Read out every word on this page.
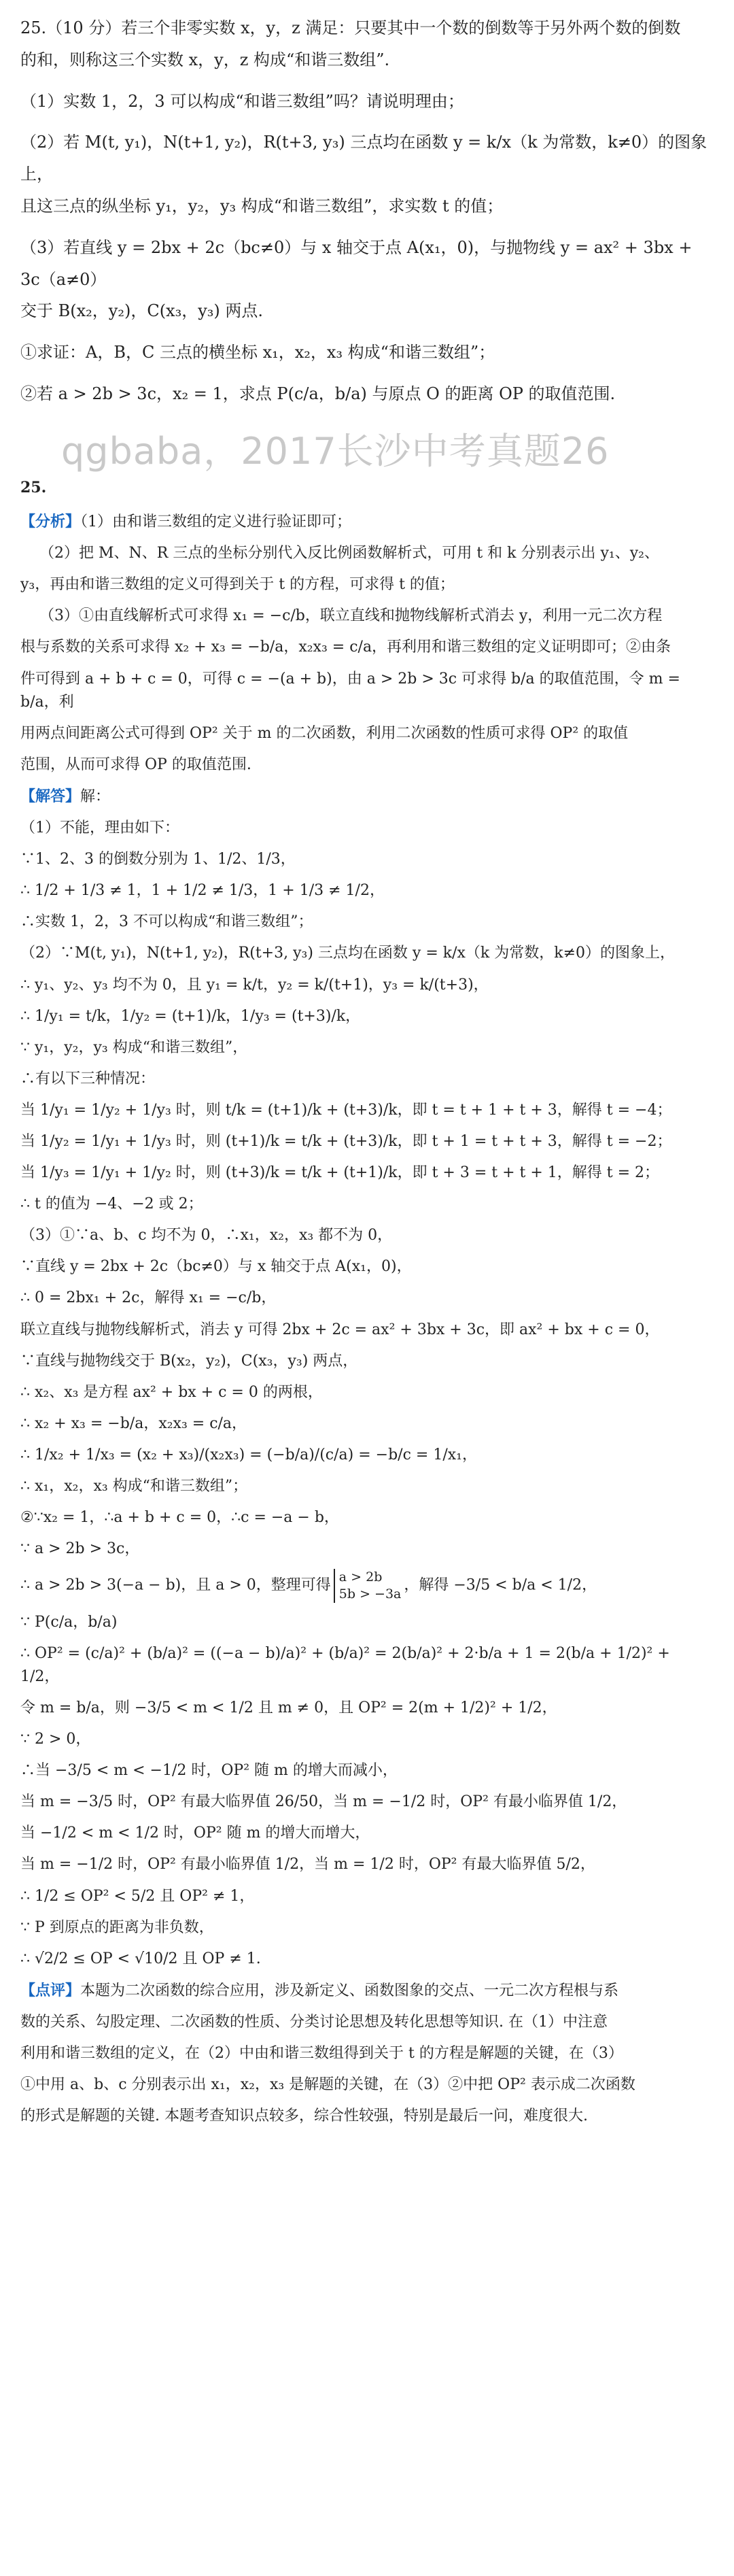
25.（10 分）若三个非零实数 x，y，z 满足：只要其中一个数的倒数等于另外两个数的倒数
的和，则称这三个实数 x，y，z 构成“和谐三数组”.

（1）实数 1，2，3 可以构成“和谐三数组”吗？请说明理由；

（2）若 M(t, y₁)，N(t+1, y₂)，R(t+3, y₃) 三点均在函数 y = k/x（k 为常数，k≠0）的图象上，
且这三点的纵坐标 y₁，y₂，y₃ 构成“和谐三数组”，求实数 t 的值；

（3）若直线 y = 2bx + 2c（bc≠0）与 x 轴交于点 A(x₁，0)，与抛物线 y = ax² + 3bx + 3c（a≠0）
交于 B(x₂，y₂)，C(x₃，y₃) 两点.

①求证：A，B，C 三点的横坐标 x₁，x₂，x₃ 构成“和谐三数组”；

②若 a > 2b > 3c，x₂ = 1，求点 P(c/a，b/a) 与原点 O 的距离 OP 的取值范围.

qgbaba，2017长沙中考真题26

25.

【分析】（1）由和谐三数组的定义进行验证即可；
（2）把 M、N、R 三点的坐标分别代入反比例函数解析式，可用 t 和 k 分别表示出 y₁、y₂、
y₃，再由和谐三数组的定义可得到关于 t 的方程，可求得 t 的值；
（3）①由直线解析式可求得 x₁ = −c/b，联立直线和抛物线解析式消去 y，利用一元二次方程
根与系数的关系可求得 x₂ + x₃ = −b/a，x₂x₃ = c/a，再利用和谐三数组的定义证明即可；②由条
件可得到 a + b + c = 0，可得 c = −(a + b)，由 a > 2b > 3c 可求得 b/a 的取值范围，令 m = b/a，利
用两点间距离公式可得到 OP² 关于 m 的二次函数，利用二次函数的性质可求得 OP² 的取值
范围，从而可求得 OP 的取值范围.
【解答】解：
（1）不能，理由如下：
∵1、2、3 的倒数分别为 1、1/2、1/3，
∴ 1/2 + 1/3 ≠ 1，1 + 1/2 ≠ 1/3，1 + 1/3 ≠ 1/2，
∴实数 1，2，3 不可以构成“和谐三数组”；
（2）∵M(t, y₁)，N(t+1, y₂)，R(t+3, y₃) 三点均在函数 y = k/x（k 为常数，k≠0）的图象上，
∴ y₁、y₂、y₃ 均不为 0，且 y₁ = k/t，y₂ = k/(t+1)，y₃ = k/(t+3)，
∴ 1/y₁ = t/k，1/y₂ = (t+1)/k，1/y₃ = (t+3)/k，
∵ y₁，y₂，y₃ 构成“和谐三数组”，
∴有以下三种情况：
当 1/y₁ = 1/y₂ + 1/y₃ 时，则 t/k = (t+1)/k + (t+3)/k，即 t = t + 1 + t + 3，解得 t = −4；
当 1/y₂ = 1/y₁ + 1/y₃ 时，则 (t+1)/k = t/k + (t+3)/k，即 t + 1 = t + t + 3，解得 t = −2；
当 1/y₃ = 1/y₁ + 1/y₂ 时，则 (t+3)/k = t/k + (t+1)/k，即 t + 3 = t + t + 1，解得 t = 2；
∴ t 的值为 −4、−2 或 2；
（3）①∵a、b、c 均不为 0，∴x₁，x₂，x₃ 都不为 0，
∵直线 y = 2bx + 2c（bc≠0）与 x 轴交于点 A(x₁，0)，
∴ 0 = 2bx₁ + 2c，解得 x₁ = −c/b，
联立直线与抛物线解析式，消去 y 可得 2bx + 2c = ax² + 3bx + 3c，即 ax² + bx + c = 0，
∵直线与抛物线交于 B(x₂，y₂)，C(x₃，y₃) 两点，
∴ x₂、x₃ 是方程 ax² + bx + c = 0 的两根，
∴ x₂ + x₃ = −b/a，x₂x₃ = c/a，
∴ 1/x₂ + 1/x₃ = (x₂ + x₃)/(x₂x₃) = (−b/a)/(c/a) = −b/c = 1/x₁，
∴ x₁，x₂，x₃ 构成“和谐三数组”；
②∵x₂ = 1，∴a + b + c = 0，∴c = −a − b，
∵ a > 2b > 3c，
∴ a > 2b > 3(−a − b)，且 a > 0，整理可得 a > 2b
5b > −3a ，解得 −3/5 < b/a < 1/2，
∵ P(c/a，b/a)
∴ OP² = (c/a)² + (b/a)² = ((−a − b)/a)² + (b/a)² = 2(b/a)² + 2·b/a + 1 = 2(b/a + 1/2)² + 1/2，
令 m = b/a，则 −3/5 < m < 1/2 且 m ≠ 0，且 OP² = 2(m + 1/2)² + 1/2，
∵ 2 > 0，
∴当 −3/5 < m < −1/2 时，OP² 随 m 的增大而减小，
当 m = −3/5 时，OP² 有最大临界值 26/50，当 m = −1/2 时，OP² 有最小临界值 1/2，
当 −1/2 < m < 1/2 时，OP² 随 m 的增大而增大，
当 m = −1/2 时，OP² 有最小临界值 1/2，当 m = 1/2 时，OP² 有最大临界值 5/2，
∴ 1/2 ≤ OP² < 5/2 且 OP² ≠ 1，
∵ P 到原点的距离为非负数，
∴ √2/2 ≤ OP < √10/2 且 OP ≠ 1.
【点评】本题为二次函数的综合应用，涉及新定义、函数图象的交点、一元二次方程根与系
数的关系、勾股定理、二次函数的性质、分类讨论思想及转化思想等知识. 在（1）中注意
利用和谐三数组的定义，在（2）中由和谐三数组得到关于 t 的方程是解题的关键，在（3）
①中用 a、b、c 分别表示出 x₁，x₂，x₃ 是解题的关键，在（3）②中把 OP² 表示成二次函数
的形式是解题的关键. 本题考查知识点较多，综合性较强，特别是最后一问，难度很大.
